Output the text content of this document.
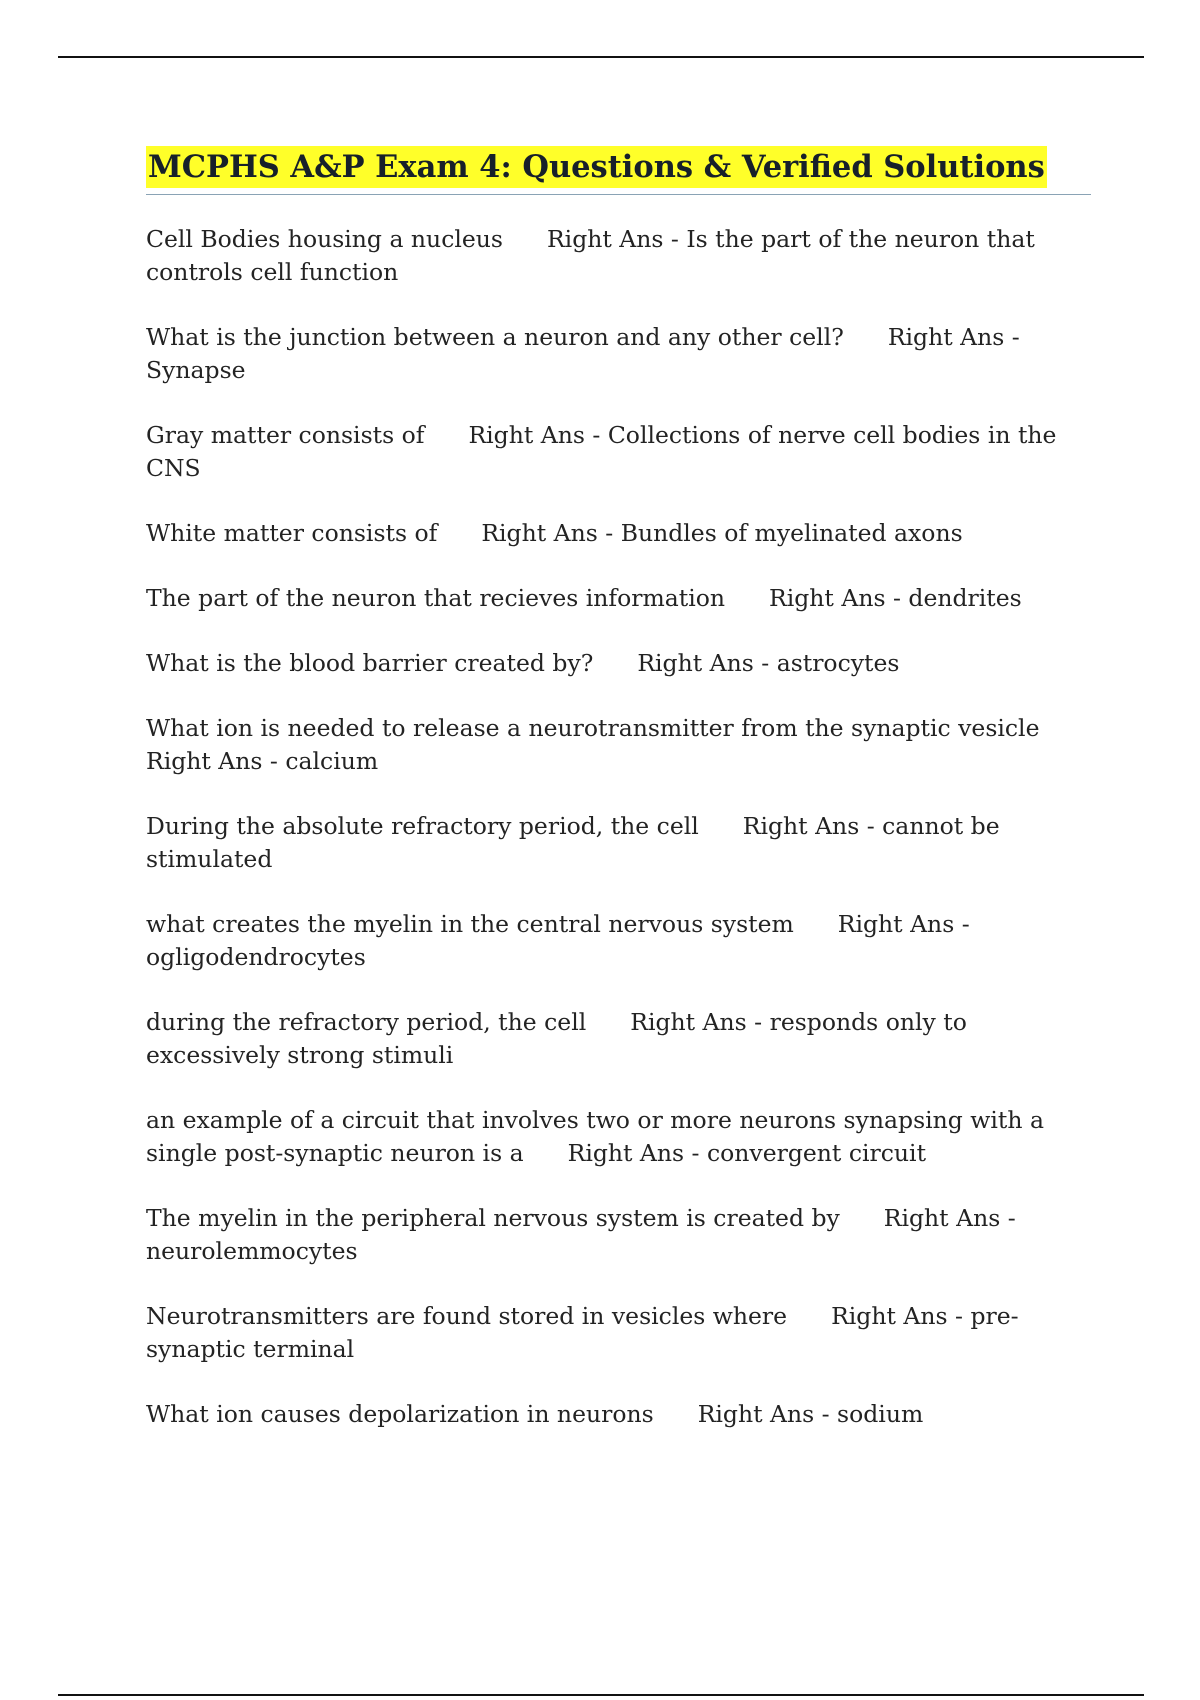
MCPHS A&P Exam 4: Questions & Verified Solutions

Cell Bodies housing a nucleus Right Ans - Is the part of the neuron that controls cell function

What is the junction between a neuron and any other cell? Right Ans - Synapse

Gray matter consists of Right Ans - Collections of nerve cell bodies in the CNS

White matter consists of Right Ans - Bundles of myelinated axons

The part of the neuron that recieves information Right Ans - dendrites

What is the blood barrier created by? Right Ans - astrocytes

What ion is needed to release a neurotransmitter from the synaptic vesicleRight Ans - calcium

During the absolute refractory period, the cell Right Ans - cannot be stimulated

what creates the myelin in the central nervous system Right Ans - ogligodendrocytes

during the refractory period, the cell Right Ans - responds only to excessively strong stimuli

an example of a circuit that involves two or more neurons synapsing with a single post-synaptic neuron is a Right Ans - convergent circuit

The myelin in the peripheral nervous system is created by Right Ans - neurolemmocytes

Neurotransmitters are found stored in vesicles where Right Ans - pre-synaptic terminal

What ion causes depolarization in neurons Right Ans - sodium
